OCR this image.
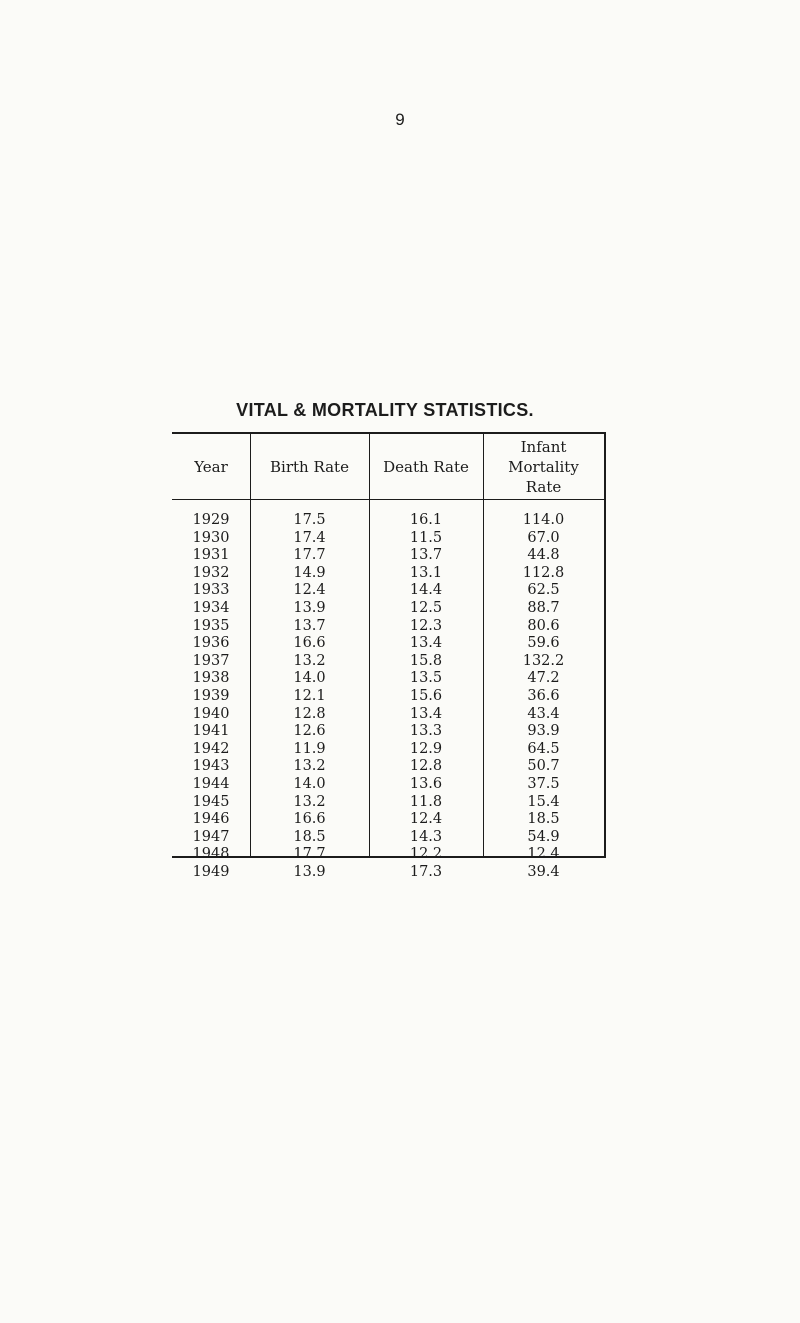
9
VITAL & MORTALITY STATISTICS.
Year	Birth Rate	Death Rate
Infant
Mortality
Rate
1929	17.5	16.1	114.0
1930	17.4	11.5	67.0
1931	17.7	13.7	44.8
1932	14.9	13.1	112.8
1933	12.4	14.4	62.5
1934	13.9	12.5	88.7
1935	13.7	12.3	80.6
1936	16.6	13.4	59.6
1937	13.2	15.8	132.2
1938	14.0	13.5	47.2
1939	12.1	15.6	36.6
1940	12.8	13.4	43.4
1941	12.6	13.3	93.9
1942	11.9	12.9	64.5
1943	13.2	12.8	50.7
1944	14.0	13.6	37.5
1945	13.2	11.8	15.4
1946	16.6	12.4	18.5
1947	18.5	14.3	54.9
1948	17.7	12.2	12.4
1949	13.9	17.3	39.4
